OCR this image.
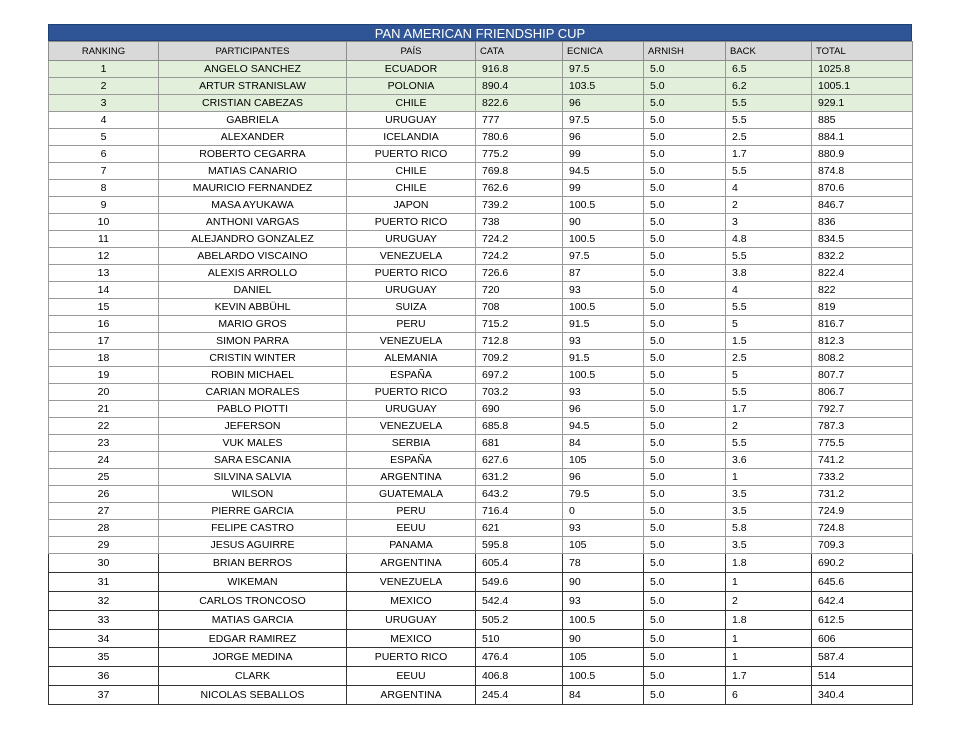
PAN AMERICAN FRIENDSHIP CUP
RANKING	PARTICIPANTES	PAÍS	CATA	ECNICA	ARNISH	BACK	TOTAL
1	ANGELO SANCHEZ	ECUADOR	916.8	97.5	5.0	6.5	1025.8
2	ARTUR STRANISLAW	POLONIA	890.4	103.5	5.0	6.2	1005.1
3	CRISTIAN CABEZAS	CHILE	822.6	96	5.0	5.5	929.1
4	GABRIELA	URUGUAY	777	97.5	5.0	5.5	885
5	ALEXANDER	ICELANDIA	780.6	96	5.0	2.5	884.1
6	ROBERTO CEGARRA	PUERTO RICO	775.2	99	5.0	1.7	880.9
7	MATIAS CANARIO	CHILE	769.8	94.5	5.0	5.5	874.8
8	MAURICIO FERNANDEZ	CHILE	762.6	99	5.0	4	870.6
9	MASA AYUKAWA	JAPON	739.2	100.5	5.0	2	846.7
10	ANTHONI VARGAS	PUERTO RICO	738	90	5.0	3	836
11	ALEJANDRO GONZALEZ	URUGUAY	724.2	100.5	5.0	4.8	834.5
12	ABELARDO VISCAINO	VENEZUELA	724.2	97.5	5.0	5.5	832.2
13	ALEXIS ARROLLO	PUERTO RICO	726.6	87	5.0	3.8	822.4
14	DANIEL	URUGUAY	720	93	5.0	4	822
15	KEVIN ABBÜHL	SUIZA	708	100.5	5.0	5.5	819
16	MARIO GROS	PERU	715.2	91.5	5.0	5	816.7
17	SIMON PARRA	VENEZUELA	712.8	93	5.0	1.5	812.3
18	CRISTIN WINTER	ALEMANIA	709.2	91.5	5.0	2.5	808.2
19	ROBIN MICHAEL	ESPAÑA	697.2	100.5	5.0	5	807.7
20	CARIAN MORALES	PUERTO RICO	703.2	93	5.0	5.5	806.7
21	PABLO PIOTTI	URUGUAY	690	96	5.0	1.7	792.7
22	JEFERSON	VENEZUELA	685.8	94.5	5.0	2	787.3
23	VUK MALES	SERBIA	681	84	5.0	5.5	775.5
24	SARA ESCANIA	ESPAÑA	627.6	105	5.0	3.6	741.2
25	SILVINA SALVIA	ARGENTINA	631.2	96	5.0	1	733.2
26	WILSON	GUATEMALA	643.2	79.5	5.0	3.5	731.2
27	PIERRE GARCIA	PERU	716.4	0	5.0	3.5	724.9
28	FELIPE CASTRO	EEUU	621	93	5.0	5.8	724.8
29	JESUS AGUIRRE	PANAMA	595.8	105	5.0	3.5	709.3
30	BRIAN BERROS	ARGENTINA	605.4	78	5.0	1.8	690.2
31	WIKEMAN	VENEZUELA	549.6	90	5.0	1	645.6
32	CARLOS TRONCOSO	MEXICO	542.4	93	5.0	2	642.4
33	MATIAS GARCIA	URUGUAY	505.2	100.5	5.0	1.8	612.5
34	EDGAR RAMIREZ	MEXICO	510	90	5.0	1	606
35	JORGE MEDINA	PUERTO RICO	476.4	105	5.0	1	587.4
36	CLARK	EEUU	406.8	100.5	5.0	1.7	514
37	NICOLAS SEBALLOS	ARGENTINA	245.4	84	5.0	6	340.4
